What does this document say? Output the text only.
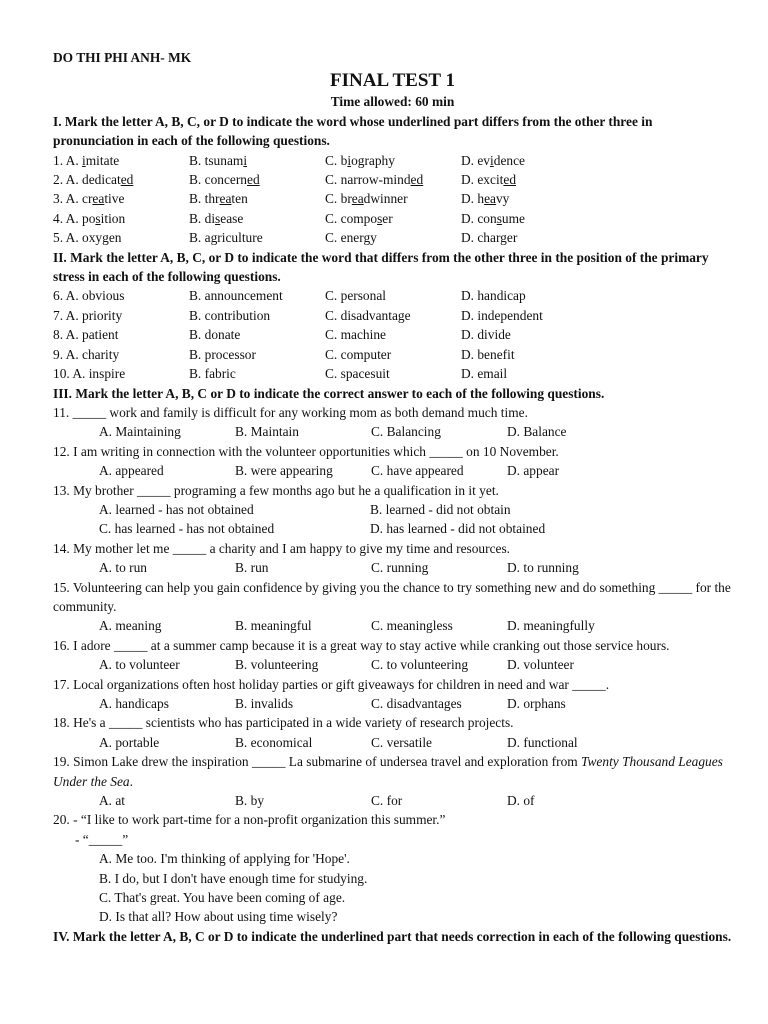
DO THI PHI ANH- MK
FINAL TEST 1
Time allowed: 60 min
I. Mark the letter A, B, C, or D to indicate the word whose underlined part differs from the other three in pronunciation in each of the following questions.
1. A. imitate	B. tsunami	C. biography	D. evidence
2. A. dedicated	B. concerned	C. narrow-minded	D. excited
3. A. creative	B. threaten	C. breadwinner	D. heavy
4. A. position	B. disease	C. composer	D. consume
5. A. oxygen	B. agriculture	C. energy	D. charger
II. Mark the letter A, B, C, or D to indicate the word that differs from the other three in the position of the primary stress in each of the following questions.
6. A. obvious	B. announcement	C. personal	D. handicap
7. A. priority	B. contribution	C. disadvantage	D. independent
8. A. patient	B. donate	C. machine	D. divide
9. A. charity	B. processor	C. computer	D. benefit
10. A. inspire	B. fabric	C. spacesuit	D. email
III. Mark the letter A, B, C or D to indicate the correct answer to each of the following questions.
11. _____ work and family is difficult for any working mom as both demand much time.
A. Maintaining	B. Maintain	C. Balancing	D. Balance
12. I am writing in connection with the volunteer opportunities which _____ on 10 November.
A. appeared	B. were appearing	C. have appeared	D. appear
13. My brother _____ programing a few months ago but he a qualification in it yet.
A. learned - has not obtained	B. learned - did not obtain
C. has learned - has not obtained	D. has learned - did not obtained
14. My mother let me _____ a charity and I am happy to give my time and resources.
A. to run	B. run	C. running	D. to running
15. Volunteering can help you gain confidence by giving you the chance to try something new and do something _____ for the community.
A. meaning	B. meaningful	C. meaningless	D. meaningfully
16. I adore _____ at a summer camp because it is a great way to stay active while cranking out those service hours.
A. to volunteer	B. volunteering	C. to volunteering	D. volunteer
17. Local organizations often host holiday parties or gift giveaways for children in need and war _____.
A. handicaps	B. invalids	C. disadvantages	D. orphans
18. He's a _____ scientists who has participated in a wide variety of research projects.
A. portable	B. economical	C. versatile	D. functional
19. Simon Lake drew the inspiration _____ La submarine of undersea travel and exploration from Twenty Thousand Leagues Under the Sea.
A. at	B. by	C. for	D. of
20. - “I like to work part-time for a non-profit organization this summer.”
- “_____”
A. Me too. I'm thinking of applying for 'Hope'.
B. I do, but I don't have enough time for studying.
C. That's great. You have been coming of age.
D. Is that all? How about using time wisely?
IV. Mark the letter A, B, C or D to indicate the underlined part that needs correction in each of the following questions.
